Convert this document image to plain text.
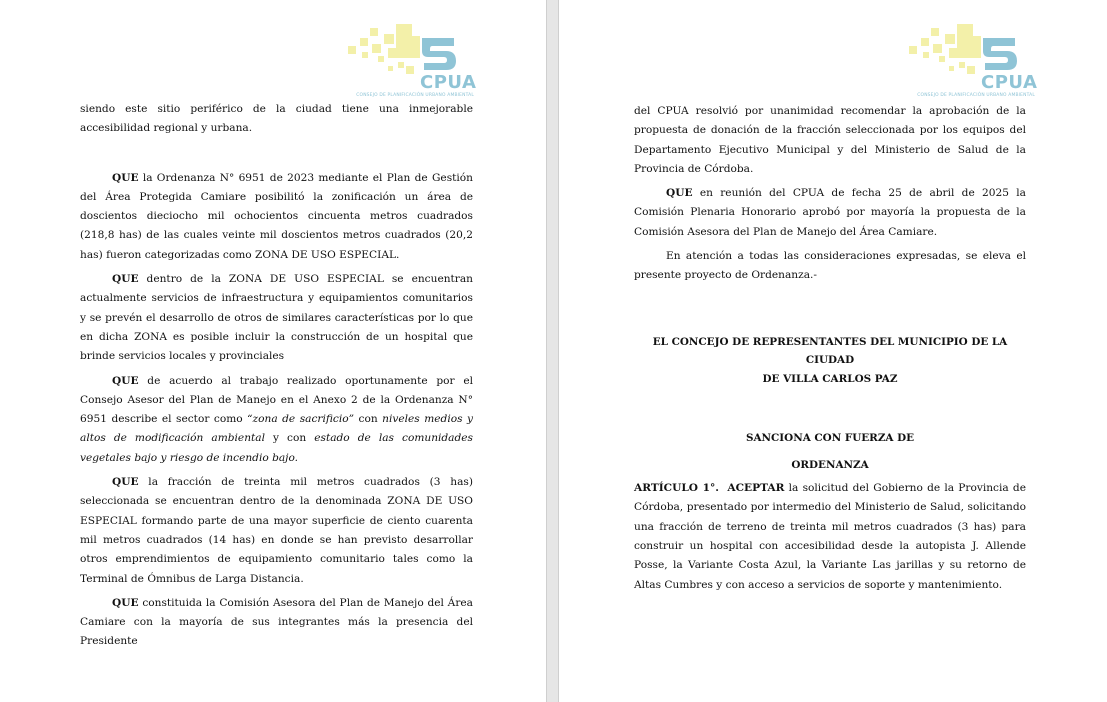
CPUA
CONSEJO DE PLANIFICACIÓN URBANO AMBIENTAL

siendo este sitio periférico de la ciudad tiene una inmejorable accesibilidad regional y urbana.

QUE la Ordenanza N° 6951 de 2023 mediante el Plan de Gestión del Área Protegida Camiare posibilitó la zonificación un área de doscientos dieciocho mil ochocientos cincuenta metros cuadrados (218,8 has) de las cuales veinte mil doscientos metros cuadrados (20,2 has) fueron categorizadas como ZONA DE USO ESPECIAL.

QUE dentro de la ZONA DE USO ESPECIAL se encuentran actualmente servicios de infraestructura y equipamientos comunitarios y se prevén el desarrollo de otros de similares características por lo que en dicha ZONA es posible incluir la construcción de un hospital que brinde servicios locales y provinciales

QUE de acuerdo al trabajo realizado oportunamente por el Consejo Asesor del Plan de Manejo en el Anexo 2 de la Ordenanza N° 6951 describe el sector como “zona de sacrificio” con niveles medios y altos de modificación ambiental y con estado de las comunidades vegetales bajo y riesgo de incendio bajo.

QUE la fracción de treinta mil metros cuadrados (3 has) seleccionada se encuentran dentro de la denominada ZONA DE USO ESPECIAL formando parte de una mayor superficie de ciento cuarenta mil metros cuadrados (14 has) en donde se han previsto desarrollar otros emprendimientos de equipamiento comunitario tales como la Terminal de Ómnibus de Larga Distancia.

QUE constituida la Comisión Asesora del Plan de Manejo del Área Camiare con la mayoría de sus integrantes más la presencia del Presidente

CPUA
CONSEJO DE PLANIFICACIÓN URBANO AMBIENTAL

del CPUA resolvió por unanimidad recomendar la aprobación de la propuesta de donación de la fracción seleccionada por los equipos del Departamento Ejecutivo Municipal y del Ministerio de Salud de la Provincia de Córdoba.

QUE en reunión del CPUA de fecha 25 de abril de 2025 la Comisión Plenaria Honorario aprobó por mayoría la propuesta de la Comisión Asesora del Plan de Manejo del Área Camiare.

En atención a todas las consideraciones expresadas, se eleva el presente proyecto de Ordenanza.-

EL CONCEJO DE REPRESENTANTES DEL MUNICIPIO DE LA CIUDAD
DE VILLA CARLOS PAZ
SANCIONA CON FUERZA DE
ORDENANZA

ARTÍCULO 1°. ACEPTAR la solicitud del Gobierno de la Provincia de Córdoba, presentado por intermedio del Ministerio de Salud, solicitando una fracción de terreno de treinta mil metros cuadrados (3 has) para construir un hospital con accesibilidad desde la autopista J. Allende Posse, la Variante Costa Azul, la Variante Las jarillas y su retorno de Altas Cumbres y con acceso a servicios de soporte y mantenimiento.
